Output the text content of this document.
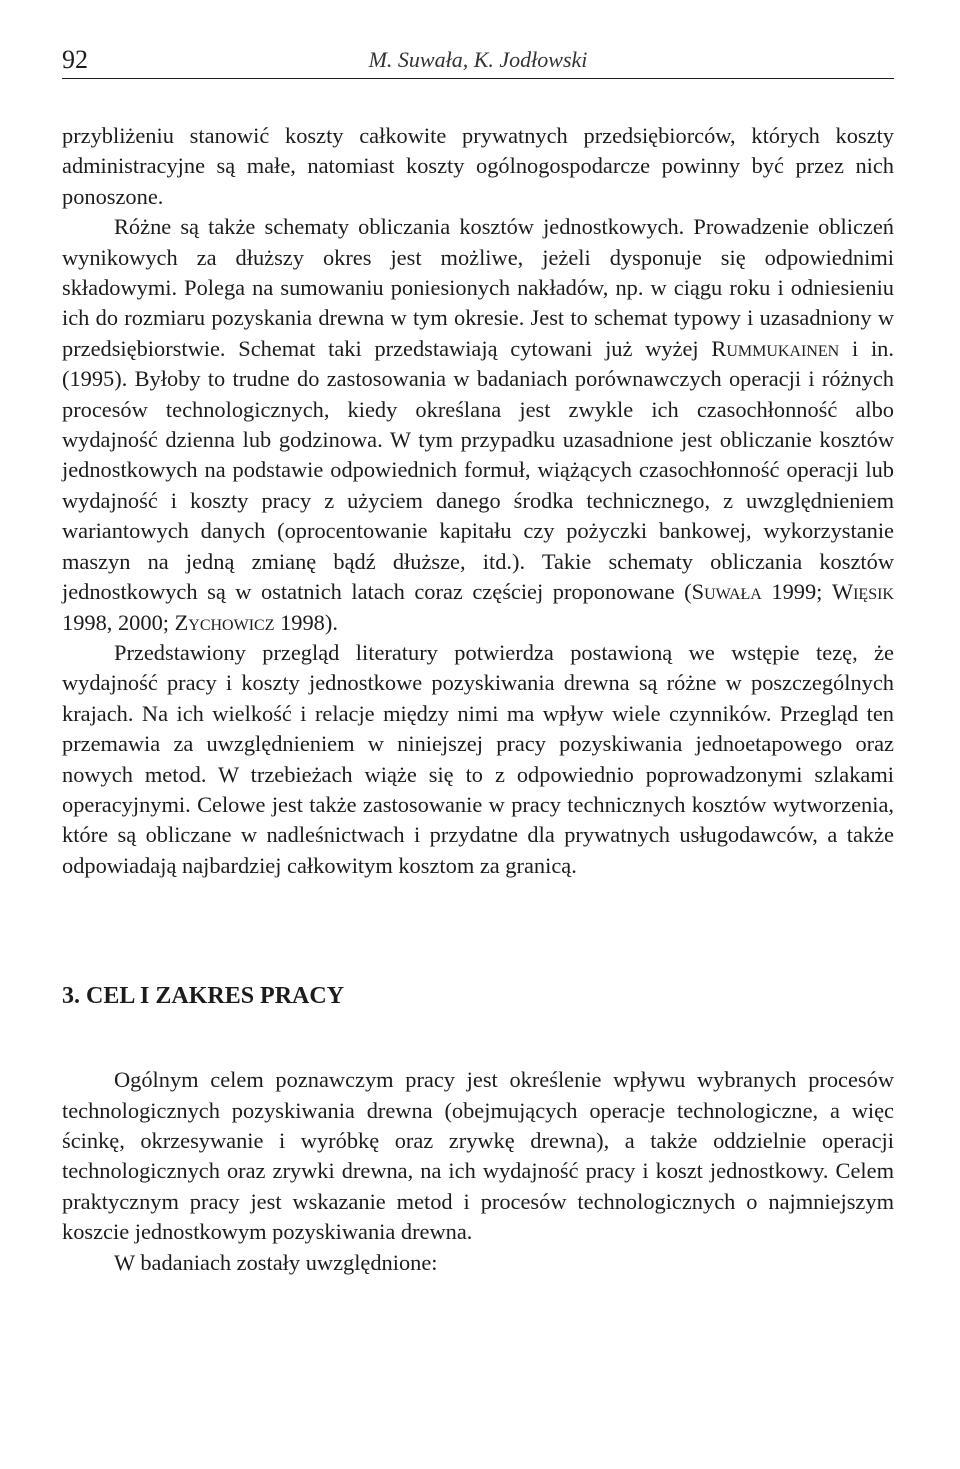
92	M. Suwała, K. Jodłowski

przybliżeniu stanowić koszty całkowite prywatnych przedsiębiorców, których koszty administracyjne są małe, natomiast koszty ogólnogospodarcze powinny być przez nich ponoszone.

Różne są także schematy obliczania kosztów jednostkowych. Prowadzenie obliczeń wynikowych za dłuższy okres jest możliwe, jeżeli dysponuje się odpowiednimi składowymi. Polega na sumowaniu poniesionych nakładów, np. w ciągu roku i odniesieniu ich do rozmiaru pozyskania drewna w tym okresie. Jest to schemat typowy i uzasadniony w przedsiębiorstwie. Schemat taki przedstawiają cytowani już wyżej Rummukainen i in. (1995). Byłoby to trudne do zastosowania w badaniach porównawczych operacji i różnych procesów technologicznych, kiedy określana jest zwykle ich czasochłonność albo wydajność dzienna lub godzinowa. W tym przypadku uzasadnione jest obliczanie kosztów jednostkowych na podstawie odpowiednich formuł, wiążących czasochłonność operacji lub wydajność i koszty pracy z użyciem danego środka technicznego, z uwzględnieniem wariantowych danych (oprocentowanie kapitału czy pożyczki bankowej, wykorzystanie maszyn na jedną zmianę bądź dłuższe, itd.). Takie schematy obliczania kosztów jednostkowych są w ostatnich latach coraz częściej proponowane (Suwała 1999; Więsik 1998, 2000; Zychowicz 1998).

Przedstawiony przegląd literatury potwierdza postawioną we wstępie tezę, że wydajność pracy i koszty jednostkowe pozyskiwania drewna są różne w poszczególnych krajach. Na ich wielkość i relacje między nimi ma wpływ wiele czynników. Przegląd ten przemawia za uwzględnieniem w niniejszej pracy pozyskiwania jednoetapowego oraz nowych metod. W trzebieżach wiąże się to z odpowiednio poprowadzonymi szlakami operacyjnymi. Celowe jest także zastosowanie w pracy technicznych kosztów wytworzenia, które są obliczane w nadleśnictwach i przydatne dla prywatnych usługodawców, a także odpowiadają najbardziej całkowitym kosztom za granicą.

3. CEL I ZAKRES PRACY

Ogólnym celem poznawczym pracy jest określenie wpływu wybranych procesów technologicznych pozyskiwania drewna (obejmujących operacje technologiczne, a więc ścinkę, okrzesywanie i wyróbkę oraz zrywkę drewna), a także oddzielnie operacji technologicznych oraz zrywki drewna, na ich wydajność pracy i koszt jednostkowy. Celem praktycznym pracy jest wskazanie metod i procesów technologicznych o najmniejszym koszcie jednostkowym pozyskiwania drewna.

W badaniach zostały uwzględnione:
